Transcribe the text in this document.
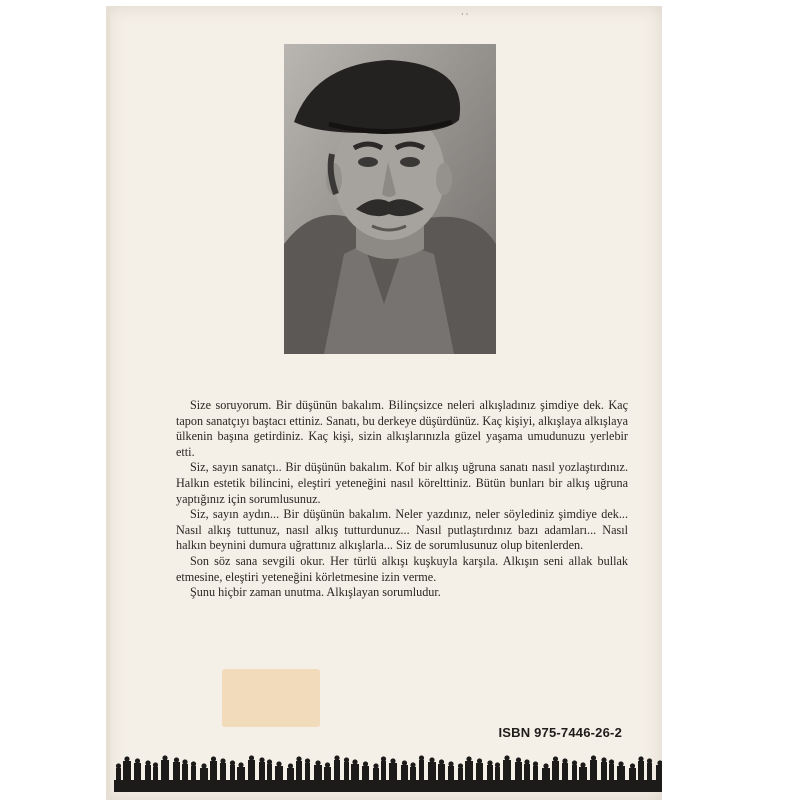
· ·

Size soruyorum. Bir düşünün bakalım. Bilinçsizce neleri alkışladınız şimdiye dek. Kaç tapon sanatçıyı baştacı ettiniz. Sanatı, bu derkeye düşürdünüz. Kaç kişiyi, alkışlaya alkışlaya ülkenin başına getirdiniz. Kaç kişi, sizin alkışlarınızla güzel yaşama umudunuzu yerlebir etti.

Siz, sayın sanatçı.. Bir düşünün bakalım. Kof bir alkış uğruna sanatı nasıl yozlaştırdınız. Halkın estetik bilincini, eleştiri yeteneğini nasıl körelttiniz. Bütün bunları bir alkış uğruna yaptığınız için sorumlusunuz.

Siz, sayın aydın... Bir düşünün bakalım. Neler yazdınız, neler söylediniz şimdiye dek... Nasıl alkış tuttunuz, nasıl alkış tutturdunuz... Nasıl putlaştırdınız bazı adamları... Nasıl halkın beynini dumura uğrattınız alkışlarla... Siz de sorumlusunuz olup bitenlerden.

Son söz sana sevgili okur. Her türlü alkışı kuşkuyla karşıla. Alkışın seni allak bullak etmesine, eleştiri yeteneğini körletmesine izin verme.

Şunu hiçbir zaman unutma. Alkışlayan sorumludur.

ISBN 975-7446-26-2
